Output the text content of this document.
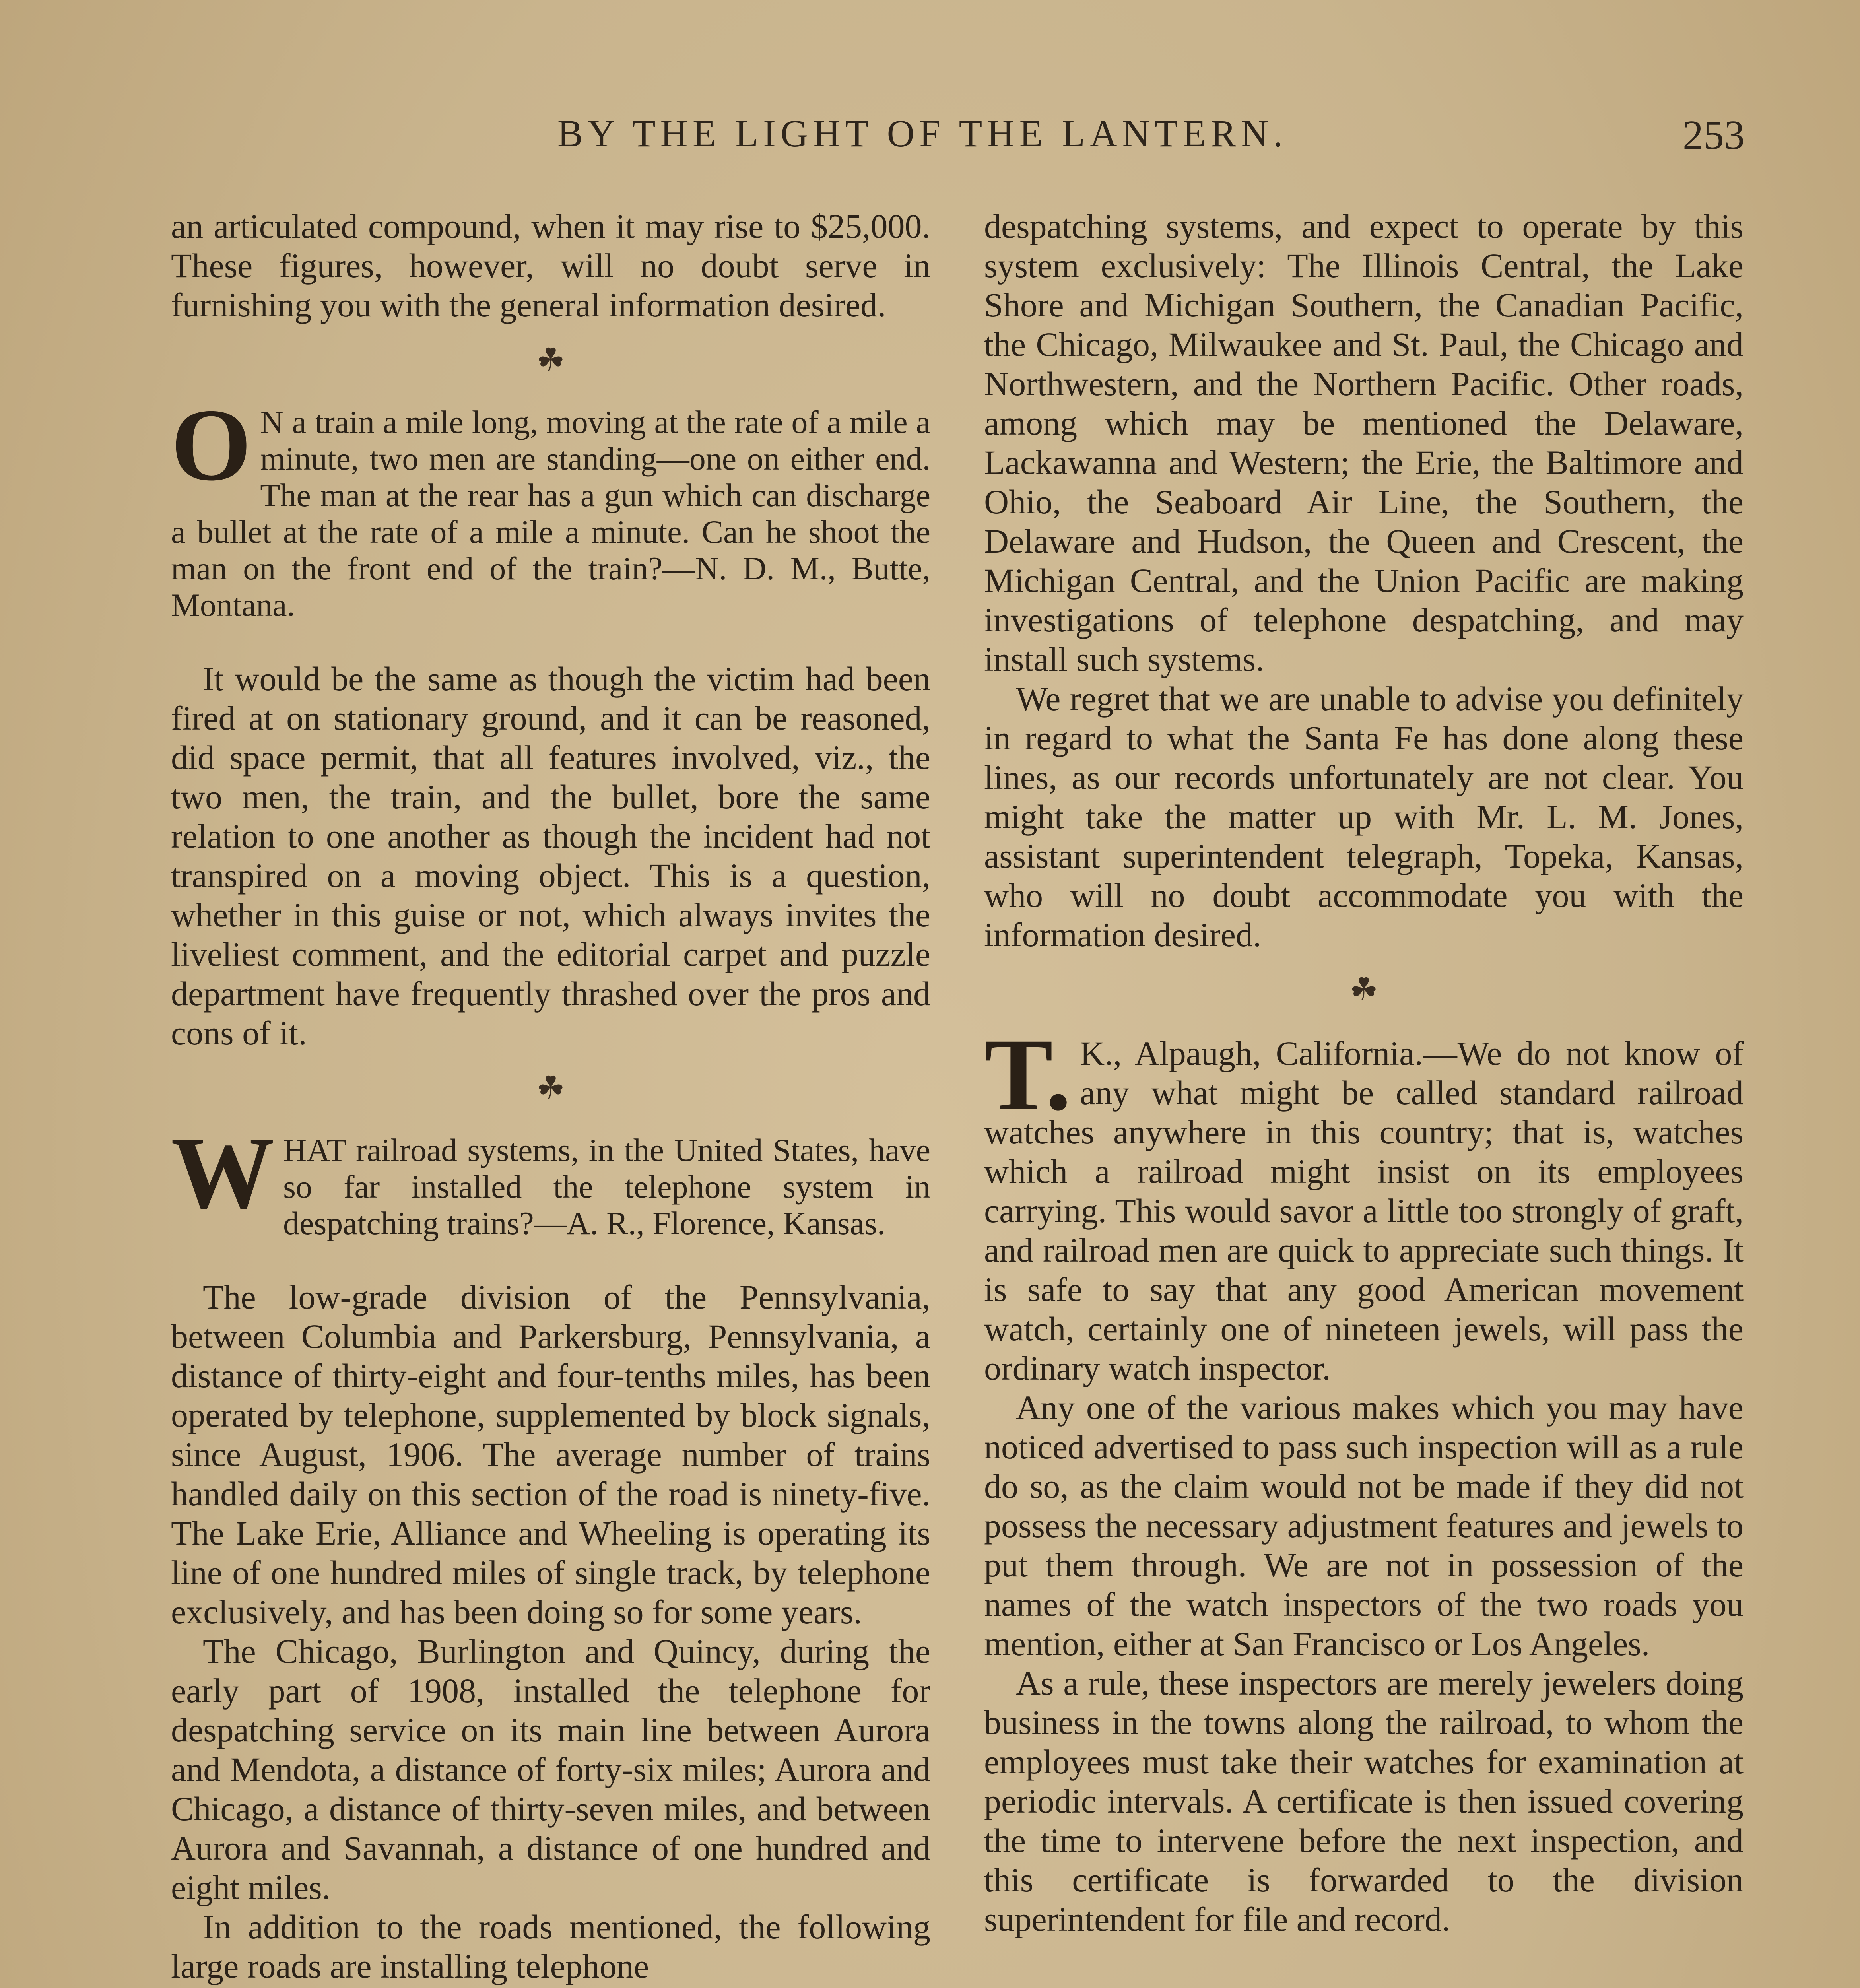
BY THE LIGHT OF THE LANTERN.	253

an articulated compound, when it may rise to $25,000. These figures, however, will no doubt serve in furnishing you with the general information desired.

☘

O N a train a mile long, moving at the rate of a mile a minute, two men are standing—one on either end. The man at the rear has a gun which can discharge a bullet at the rate of a mile a minute. Can he shoot the man on the front end of the train?—N. D. M., Butte, Montana.

It would be the same as though the victim had been fired at on stationary ground, and it can be reasoned, did space permit, that all features involved, viz., the two men, the train, and the bullet, bore the same relation to one another as though the incident had not transpired on a moving object. This is a question, whether in this guise or not, which always invites the liveliest comment, and the editorial carpet and puzzle department have frequently thrashed over the pros and cons of it.

☘

W HAT railroad systems, in the United States, have so far installed the telephone system in despatching trains?—A. R., Florence, Kansas.

The low-grade division of the Pennsylvania, between Columbia and Parkersburg, Pennsylvania, a distance of thirty-eight and four-tenths miles, has been operated by telephone, supplemented by block signals, since August, 1906. The average number of trains handled daily on this section of the road is ninety-five. The Lake Erie, Alliance and Wheeling is operating its line of one hundred miles of single track, by telephone exclusively, and has been doing so for some years.

The Chicago, Burlington and Quincy, during the early part of 1908, installed the telephone for despatching service on its main line between Aurora and Mendota, a distance of forty-six miles; Aurora and Chicago, a distance of thirty-seven miles, and between Aurora and Savannah, a distance of one hundred and eight miles.

In addition to the roads mentioned, the following large roads are installing telephone

despatching systems, and expect to operate by this system exclusively: The Illinois Central, the Lake Shore and Michigan Southern, the Canadian Pacific, the Chicago, Milwaukee and St. Paul, the Chicago and Northwestern, and the Northern Pacific. Other roads, among which may be mentioned the Delaware, Lackawanna and Western; the Erie, the Baltimore and Ohio, the Seaboard Air Line, the Southern, the Delaware and Hudson, the Queen and Crescent, the Michigan Central, and the Union Pacific are making investigations of telephone despatching, and may install such systems.

We regret that we are unable to advise you definitely in regard to what the Santa Fe has done along these lines, as our records unfortunately are not clear. You might take the matter up with Mr. L. M. Jones, assistant superintendent telegraph, Topeka, Kansas, who will no doubt accommodate you with the information desired.

☘

T. K., Alpaugh, California.—We do not know of any what might be called standard railroad watches anywhere in this country; that is, watches which a railroad might insist on its employees carrying. This would savor a little too strongly of graft, and railroad men are quick to appreciate such things. It is safe to say that any good American movement watch, certainly one of nineteen jewels, will pass the ordinary watch inspector.

Any one of the various makes which you may have noticed advertised to pass such inspection will as a rule do so, as the claim would not be made if they did not possess the necessary adjustment features and jewels to put them through. We are not in possession of the names of the watch inspectors of the two roads you mention, either at San Francisco or Los Angeles.

As a rule, these inspectors are merely jewelers doing business in the towns along the railroad, to whom the employees must take their watches for examination at periodic intervals. A certificate is then issued covering the time to intervene before the next inspection, and this certificate is forwarded to the division superintendent for file and record.
